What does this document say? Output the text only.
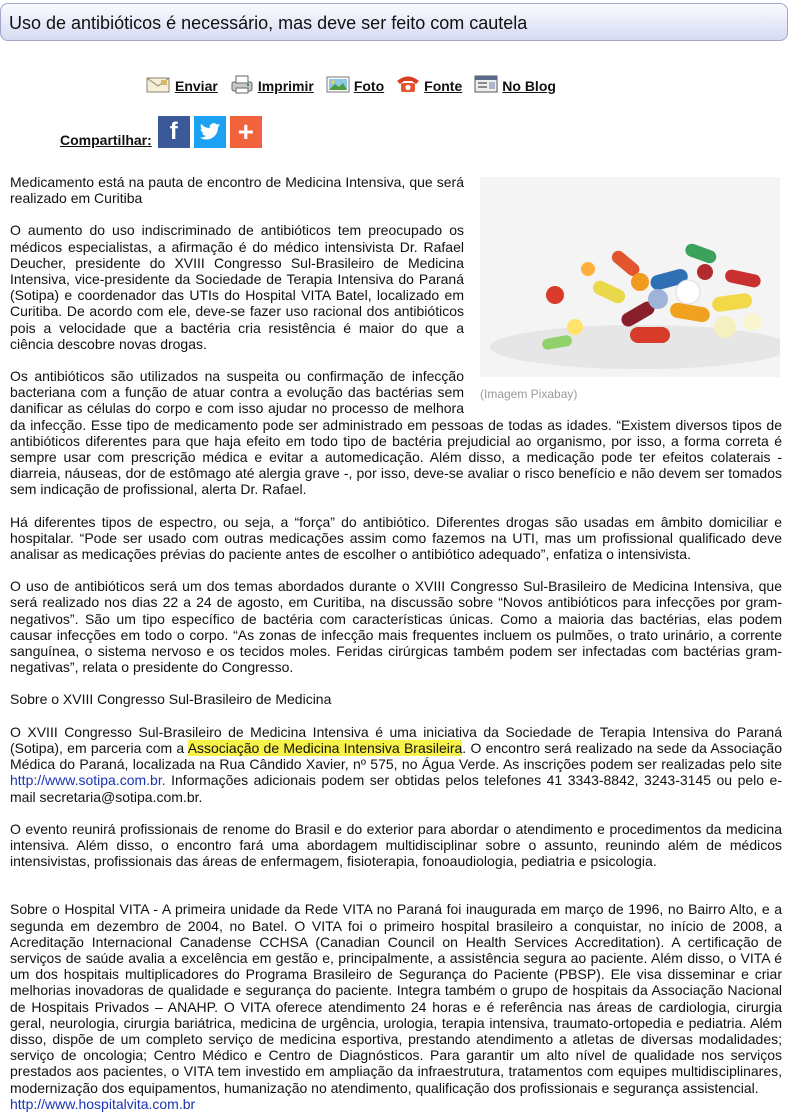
Uso de antibióticos é necessário, mas deve ser feito com cautela
Enviar	Imprimir	Foto	Fonte	No Blog
Compartilhar: f +
(Imagem Pixabay)

Medicamento está na pauta de encontro de Medicina Intensiva, que será realizado em Curitiba

O aumento do uso indiscriminado de antibióticos tem preocupado os médicos especialistas, a afirmação é do médico intensivista Dr. Rafael Deucher, presidente do XVIII Congresso Sul-Brasileiro de Medicina Intensiva, vice-presidente da Sociedade de Terapia Intensiva do Paraná (Sotipa) e coordenador das UTIs do Hospital VITA Batel, localizado em Curitiba. De acordo com ele, deve-se fazer uso racional dos antibióticos pois a velocidade que a bactéria cria resistência é maior do que a ciência descobre novas drogas.

Os antibióticos são utilizados na suspeita ou confirmação de infecção bacteriana com a função de atuar contra a evolução das bactérias sem danificar as células do corpo e com isso ajudar no processo de melhora da infecção. Esse tipo de medicamento pode ser administrado em pessoas de todas as idades. “Existem diversos tipos de antibióticos diferentes para que haja efeito em todo tipo de bactéria prejudicial ao organismo, por isso, a forma correta é sempre usar com prescrição médica e evitar a automedicação. Além disso, a medicação pode ter efeitos colaterais - diarreia, náuseas, dor de estômago até alergia grave -, por isso, deve-se avaliar o risco benefício e não devem ser tomados sem indicação de profissional, alerta Dr. Rafael.

Há diferentes tipos de espectro, ou seja, a “força” do antibiótico. Diferentes drogas são usadas em âmbito domiciliar e hospitalar. “Pode ser usado com outras medicações assim como fazemos na UTI, mas um profissional qualificado deve analisar as medicações prévias do paciente antes de escolher o antibiótico adequado”, enfatiza o intensivista.

O uso de antibióticos será um dos temas abordados durante o XVIII Congresso Sul-Brasileiro de Medicina Intensiva, que será realizado nos dias 22 a 24 de agosto, em Curitiba, na discussão sobre “Novos antibióticos para infecções por gram-negativos”. São um tipo específico de bactéria com características únicas. Como a maioria das bactérias, elas podem causar infecções em todo o corpo. “As zonas de infecção mais frequentes incluem os pulmões, o trato urinário, a corrente sanguínea, o sistema nervoso e os tecidos moles. Feridas cirúrgicas também podem ser infectadas com bactérias gram-negativas”, relata o presidente do Congresso.

Sobre o XVIII Congresso Sul-Brasileiro de Medicina

O XVIII Congresso Sul-Brasileiro de Medicina Intensiva é uma iniciativa da Sociedade de Terapia Intensiva do Paraná (Sotipa), em parceria com a Associação de Medicina Intensiva Brasileira. O encontro será realizado na sede da Associação Médica do Paraná, localizada na Rua Cândido Xavier, nº 575, no Água Verde. As inscrições podem ser realizadas pelo site http://www.sotipa.com.br. Informações adicionais podem ser obtidas pelos telefones 41 3343-8842, 3243-3145 ou pelo e-mail secretaria@sotipa.com.br.

O evento reunirá profissionais de renome do Brasil e do exterior para abordar o atendimento e procedimentos da medicina intensiva. Além disso, o encontro fará uma abordagem multidisciplinar sobre o assunto, reunindo além de médicos intensivistas, profissionais das áreas de enfermagem, fisioterapia, fonoaudiologia, pediatria e psicologia.

Sobre o Hospital VITA - A primeira unidade da Rede VITA no Paraná foi inaugurada em março de 1996, no Bairro Alto, e a segunda em dezembro de 2004, no Batel. O VITA foi o primeiro hospital brasileiro a conquistar, no início de 2008, a Acreditação Internacional Canadense CCHSA (Canadian Council on Health Services Accreditation). A certificação de serviços de saúde avalia a excelência em gestão e, principalmente, a assistência segura ao paciente. Além disso, o VITA é um dos hospitais multiplicadores do Programa Brasileiro de Segurança do Paciente (PBSP). Ele visa disseminar e criar melhorias inovadoras de qualidade e segurança do paciente. Integra também o grupo de hospitais da Associação Nacional de Hospitais Privados – ANAHP. O VITA oferece atendimento 24 horas e é referência nas áreas de cardiologia, cirurgia geral, neurologia, cirurgia bariátrica, medicina de urgência, urologia, terapia intensiva, traumato-ortopedia e pediatria. Além disso, dispõe de um completo serviço de medicina esportiva, prestando atendimento a atletas de diversas modalidades; serviço de oncologia; Centro Médico e Centro de Diagnósticos. Para garantir um alto nível de qualidade nos serviços prestados aos pacientes, o VITA tem investido em ampliação da infraestrutura, tratamentos com equipes multidisciplinares, modernização dos equipamentos, humanização no atendimento, qualificação dos profissionais e segurança assistencial.
http://www.hospitalvita.com.br
